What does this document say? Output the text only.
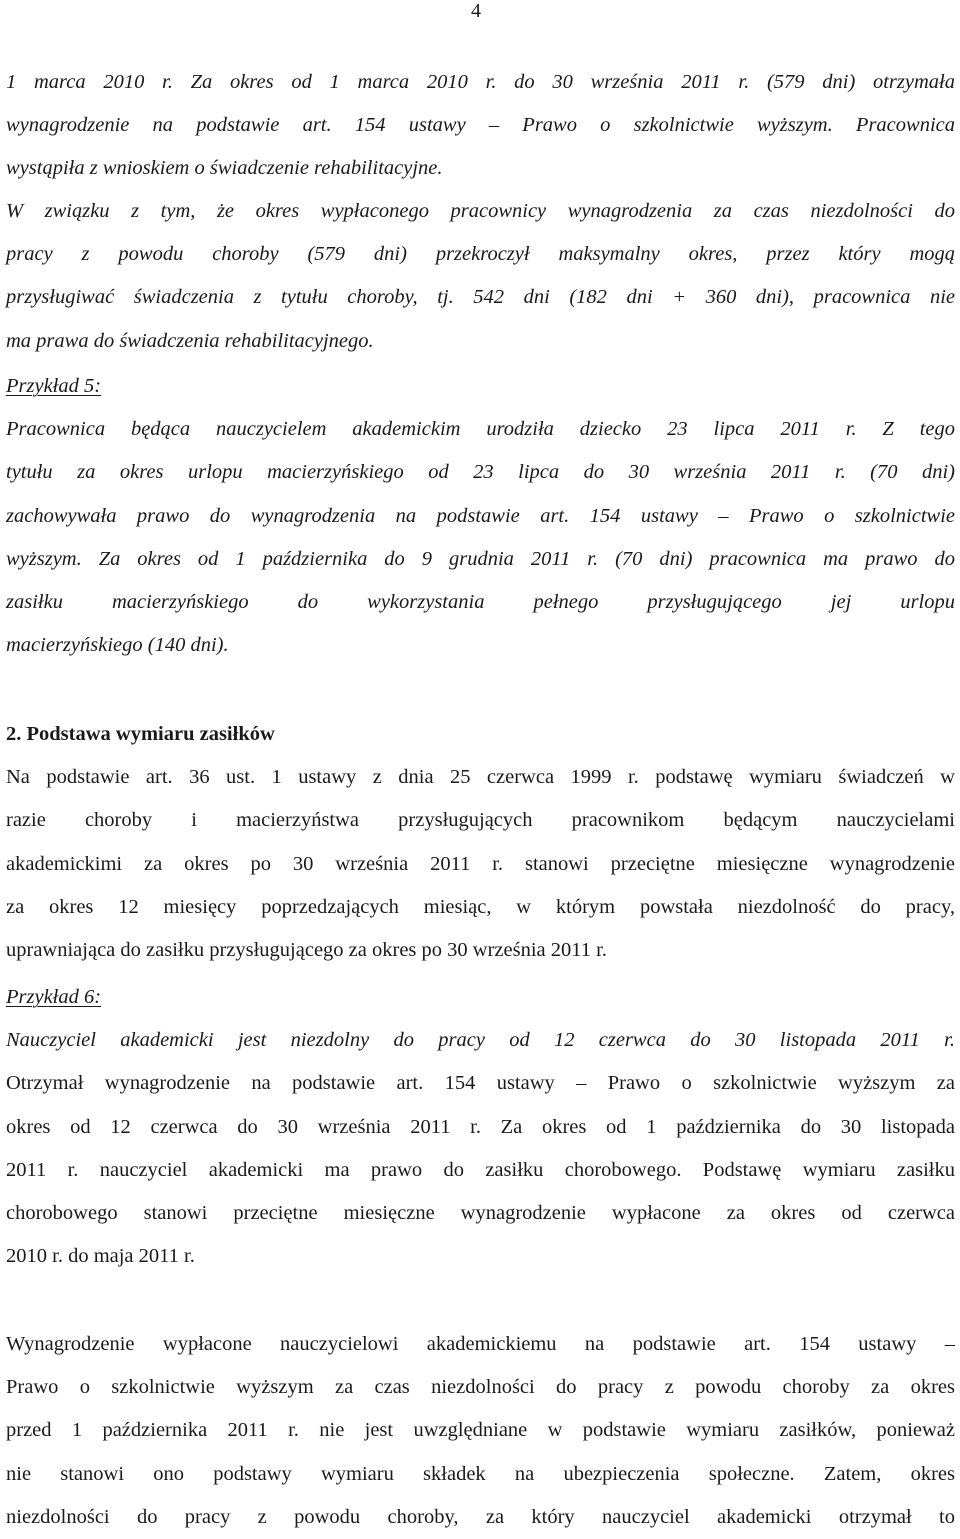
4
1 marca 2010 r. Za okres od 1 marca 2010 r. do 30 września 2011 r. (579 dni) otrzymała
wynagrodzenie na podstawie art. 154 ustawy – Prawo o szkolnictwie wyższym. Pracownica
wystąpiła z wnioskiem o świadczenie rehabilitacyjne.
W związku z tym, że okres wypłaconego pracownicy wynagrodzenia za czas niezdolności do
pracy z powodu choroby (579 dni) przekroczył maksymalny okres, przez który mogą
przysługiwać świadczenia z tytułu choroby, tj. 542 dni (182 dni + 360 dni), pracownica nie
ma prawa do świadczenia rehabilitacyjnego.
Przykład 5:
Pracownica będąca nauczycielem akademickim urodziła dziecko 23 lipca 2011 r. Z tego
tytułu za okres urlopu macierzyńskiego od 23 lipca do 30 września 2011 r. (70 dni)
zachowywała prawo do wynagrodzenia na podstawie art. 154 ustawy – Prawo o szkolnictwie
wyższym. Za okres od 1 października do 9 grudnia 2011 r. (70 dni) pracownica ma prawo do
zasiłku macierzyńskiego do wykorzystania pełnego przysługującego jej urlopu
macierzyńskiego (140 dni).
2. Podstawa wymiaru zasiłków
Na podstawie art. 36 ust. 1 ustawy z dnia 25 czerwca 1999 r. podstawę wymiaru świadczeń w
razie choroby i macierzyństwa przysługujących pracownikom będącym nauczycielami
akademickimi za okres po 30 września 2011 r. stanowi przeciętne miesięczne wynagrodzenie
za okres 12 miesięcy poprzedzających miesiąc, w którym powstała niezdolność do pracy,
uprawniająca do zasiłku przysługującego za okres po 30 września 2011 r.
Przykład 6:
Nauczyciel akademicki jest niezdolny do pracy od 12 czerwca do 30 listopada 2011 r.
Otrzymał wynagrodzenie na podstawie art. 154 ustawy – Prawo o szkolnictwie wyższym za
okres od 12 czerwca do 30 września 2011 r. Za okres od 1 października do 30 listopada
2011 r. nauczyciel akademicki ma prawo do zasiłku chorobowego. Podstawę wymiaru zasiłku
chorobowego stanowi przeciętne miesięczne wynagrodzenie wypłacone za okres od czerwca
2010 r. do maja 2011 r.
Wynagrodzenie wypłacone nauczycielowi akademickiemu na podstawie art. 154 ustawy –
Prawo o szkolnictwie wyższym za czas niezdolności do pracy z powodu choroby za okres
przed 1 października 2011 r. nie jest uwzględniane w podstawie wymiaru zasiłków, ponieważ
nie stanowi ono podstawy wymiaru składek na ubezpieczenia społeczne. Zatem, okres
niezdolności do pracy z powodu choroby, za który nauczyciel akademicki otrzymał to
